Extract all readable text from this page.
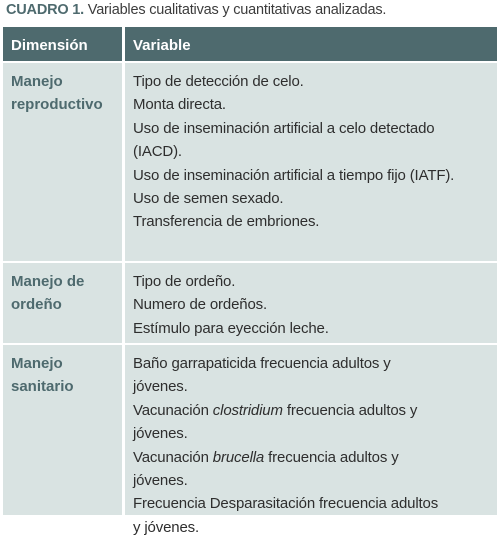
CUADRO 1. Variables cualitativas y cuantitativas analizadas.
Dimensión	Variable
Manejo
reproductivo
Tipo de detección de celo.
Monta directa.
Uso de inseminación artificial a celo detectado
(IACD).
Uso de inseminación artificial a tiempo fijo (IATF).
Uso de semen sexado.
Transferencia de embriones.
Manejo de
ordeño
Tipo de ordeño.
Numero de ordeños.
Estímulo para eyección leche.
Manejo
sanitario
Baño garrapaticida frecuencia adultos y
jóvenes.
Vacunación clostridium frecuencia adultos y
jóvenes.
Vacunación brucella frecuencia adultos y
jóvenes.
Frecuencia Desparasitación frecuencia adultos
y jóvenes.
